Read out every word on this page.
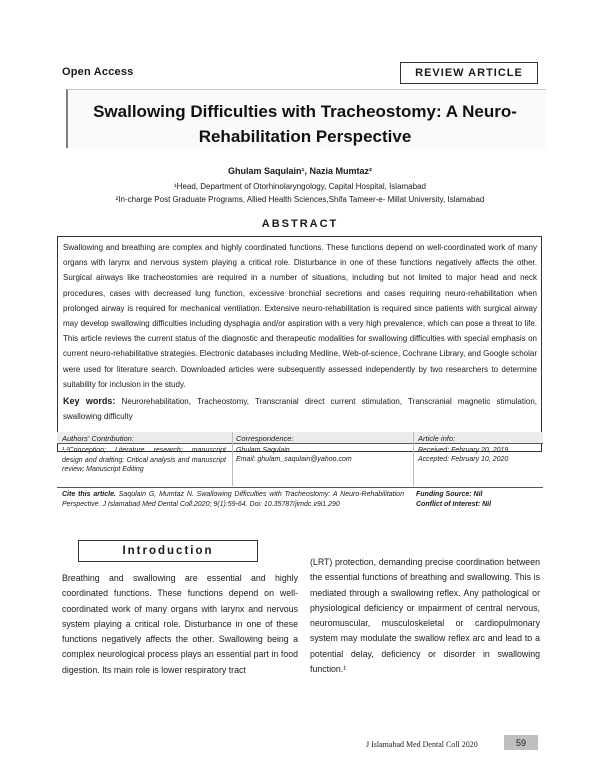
Open Access	REVIEW ARTICLE
Swallowing Difficulties with Tracheostomy: A Neuro-
Rehabilitation Perspective
Ghulam Saqulain¹, Nazia Mumtaz²
¹Head, Department of Otorhinolaryngology, Capital Hospital, Islamabad
²In-charge Post Graduate Programs, Allied Health Sciences,Shifa Tameer-e- Millat University, Islamabad
ABSTRACT
Swallowing and breathing are complex and highly coordinated functions. These functions depend on well-coordinated work of many organs with larynx and nervous system playing a critical role. Disturbance in one of these functions negatively affects the other. Surgical airways like tracheostomies are required in a number of situations, including but not limited to major head and neck procedures, cases with decreased lung function, excessive bronchial secretions and cases requiring neuro-rehabilitation when prolonged airway is required for mechanical ventilation. Extensive neuro-rehabilitation is required since patients with surgical airway may develop swallowing difficulties including dysphagia and/or aspiration with a very high prevalence, which can pose a threat to life. This article reviews the current status of the diagnostic and therapeutic modalities for swallowing difficulties with special emphasis on current neuro-rehabilitative strategies. Electronic databases including Medline, Web-of-science, Cochrane Library, and Google scholar were used for literature search. Downloaded articles were subsequently assessed independently by two researchers to determine suitability for inclusion in the study.
Key words: Neurorehabilitation, Tracheostomy, Transcranial direct current stimulation, Transcranial magnetic stimulation, swallowing difficulty
Authors' Contribution:
¹,²Conception; Literature research; manuscript design and drafting; Critical analysis and manuscript review; Manuscript Editing
Correspondence:
Ghulam Saqulain
Email: ghulam_saqulain@yahoo.com
Article info:
Received: February 20, 2019
Accepted: February 10, 2020
Cite this article. Saqulain G, Mumtaz N. Swallowing Difficulties with Tracheostomy: A Neuro-Rehabilitation Perspective. J Islamabad Med Dental Coll.2020; 9(1):59-64. Doi: 10.35787/jimdc.v9i1.290
Funding Source: Nil
Conflict of Interest: Nil
Introduction
Breathing and swallowing are essential and highly coordinated functions. These functions depend on well-coordinated work of many organs with larynx and nervous system playing a critical role. Disturbance in one of these functions negatively affects the other. Swallowing being a complex neurological process plays an essential part in food digestion. Its main role is lower respiratory tract
(LRT) protection, demanding precise coordination between the essential functions of breathing and swallowing. This is mediated through a swallowing reflex. Any pathological or physiological deficiency or impairment of central nervous, neuromuscular, musculoskeletal or cardiopulmonary system may modulate the swallow reflex arc and lead to a potential delay, deficiency or disorder in swallowing function.¹
J Islamabad Med Dental Coll 2020	59
